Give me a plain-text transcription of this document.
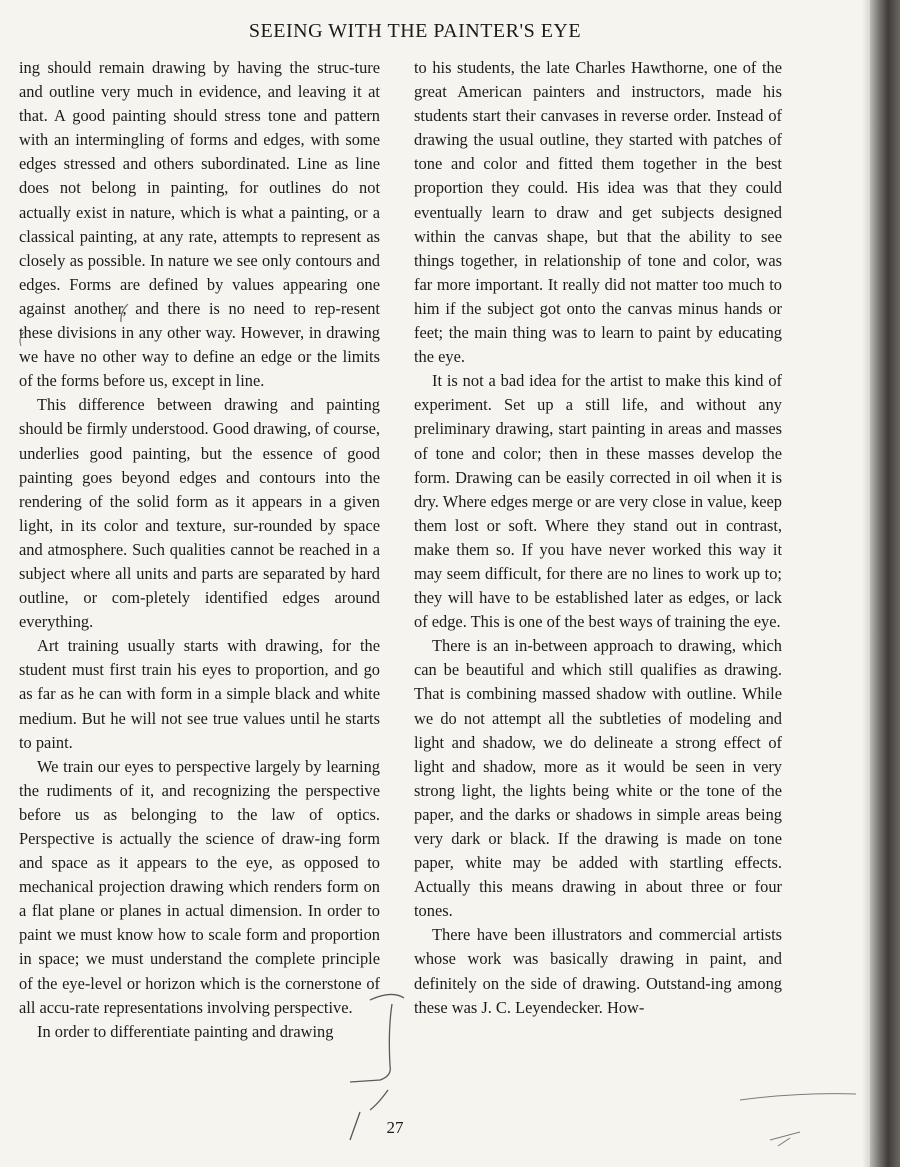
SEEING WITH THE PAINTER'S EYE

ing should remain drawing by having the struc-ture and outline very much in evidence, and leaving it at that. A good painting should stress tone and pattern with an intermingling of forms and edges, with some edges stressed and others subordinated. Line as line does not belong in painting, for outlines do not actually exist in nature, which is what a painting, or a classical painting, at any rate, attempts to represent as closely as possible. In nature we see only contours and edges. Forms are defined by values appearing one against another, and there is no need to rep-resent these divisions in any other way. However, in drawing we have no other way to define an edge or the limits of the forms before us, except in line.

This difference between drawing and painting should be firmly understood. Good drawing, of course, underlies good painting, but the essence of good painting goes beyond edges and contours into the rendering of the solid form as it appears in a given light, in its color and texture, sur-rounded by space and atmosphere. Such qualities cannot be reached in a subject where all units and parts are separated by hard outline, or com-pletely identified edges around everything.

Art training usually starts with drawing, for the student must first train his eyes to proportion, and go as far as he can with form in a simple black and white medium. But he will not see true values until he starts to paint.

We train our eyes to perspective largely by learning the rudiments of it, and recognizing the perspective before us as belonging to the law of optics. Perspective is actually the science of draw-ing form and space as it appears to the eye, as opposed to mechanical projection drawing which renders form on a flat plane or planes in actual dimension. In order to paint we must know how to scale form and proportion in space; we must understand the complete principle of the eye-level or horizon which is the cornerstone of all accu-rate representations involving perspective.

In order to differentiate painting and drawing

to his students, the late Charles Hawthorne, one of the great American painters and instructors, made his students start their canvases in reverse order. Instead of drawing the usual outline, they started with patches of tone and color and fitted them together in the best proportion they could. His idea was that they could eventually learn to draw and get subjects designed within the canvas shape, but that the ability to see things together, in relationship of tone and color, was far more important. It really did not matter too much to him if the subject got onto the canvas minus hands or feet; the main thing was to learn to paint by educating the eye.

It is not a bad idea for the artist to make this kind of experiment. Set up a still life, and without any preliminary drawing, start painting in areas and masses of tone and color; then in these masses develop the form. Drawing can be easily corrected in oil when it is dry. Where edges merge or are very close in value, keep them lost or soft. Where they stand out in contrast, make them so. If you have never worked this way it may seem difficult, for there are no lines to work up to; they will have to be established later as edges, or lack of edge. This is one of the best ways of training the eye.

There is an in-between approach to drawing, which can be beautiful and which still qualifies as drawing. That is combining massed shadow with outline. While we do not attempt all the subtleties of modeling and light and shadow, we do delineate a strong effect of light and shadow, more as it would be seen in very strong light, the lights being white or the tone of the paper, and the darks or shadows in simple areas being very dark or black. If the drawing is made on tone paper, white may be added with startling effects. Actually this means drawing in about three or four tones.

There have been illustrators and commercial artists whose work was basically drawing in paint, and definitely on the side of drawing. Outstand-ing among these was J. C. Leyendecker. How-

27
